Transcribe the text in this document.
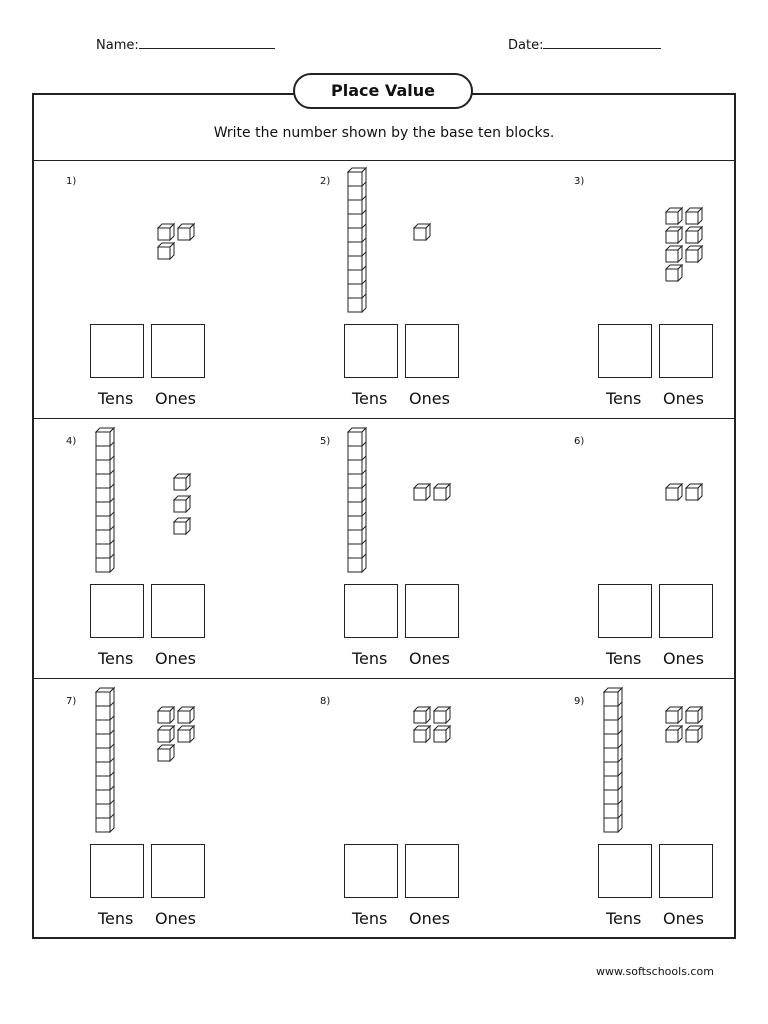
Name:	Date:
Place Value
Write the number shown by the base ten blocks.
1)
Tens Ones
2)
Tens Ones
3)
Tens Ones
4)
Tens Ones
5)
Tens Ones
6)
Tens Ones
7)
Tens Ones
8)
Tens Ones
9)
Tens Ones
www.softschools.com
